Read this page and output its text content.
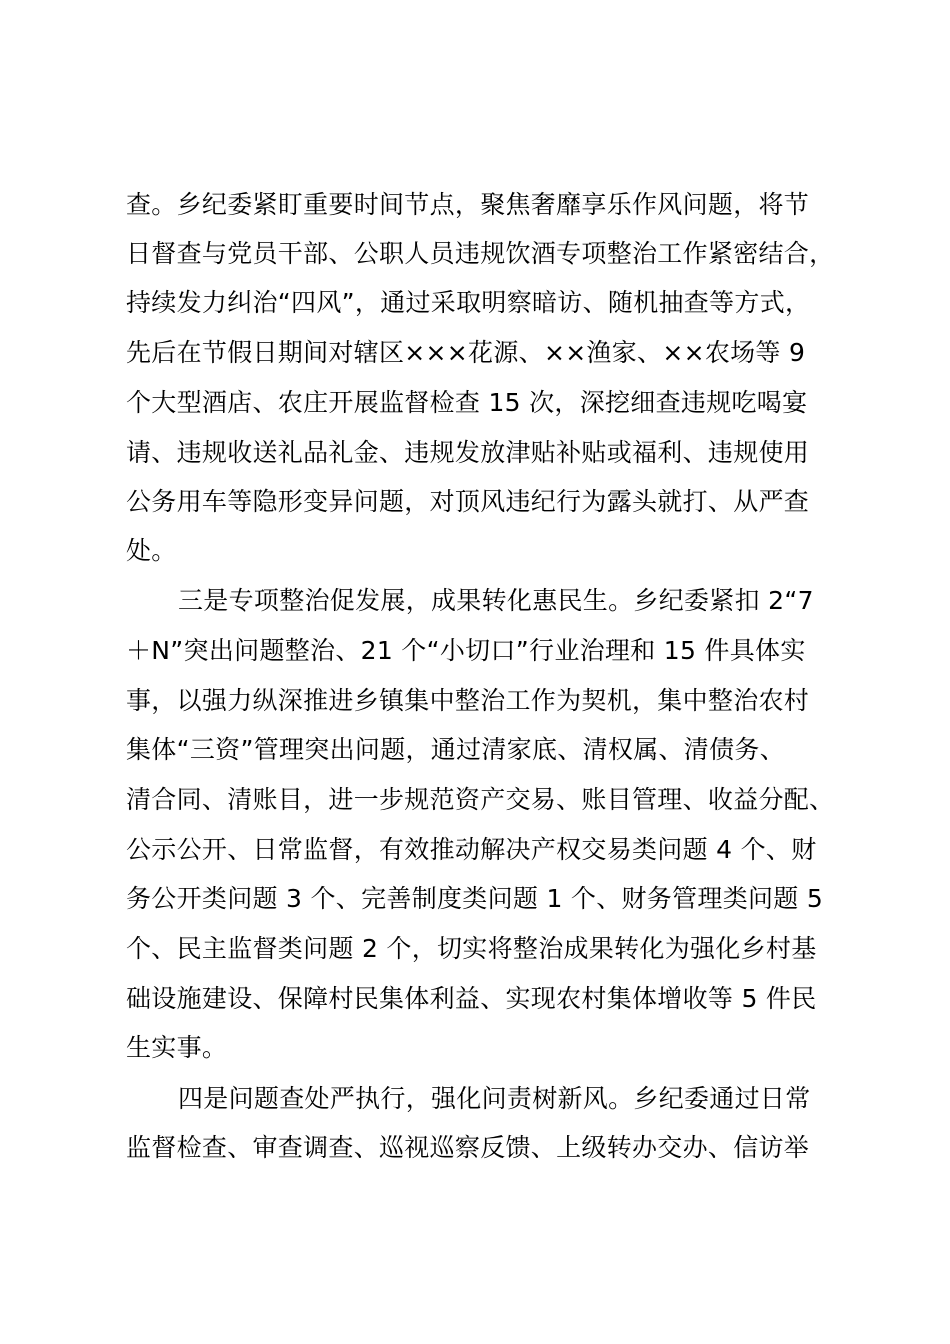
查。乡纪委紧盯重要时间节点，聚焦奢靡享乐作风问题，将节
日督查与党员干部、公职人员违规饮酒专项整治工作紧密结合，
持续发力纠治“四风”，通过采取明察暗访、随机抽查等方式，
先后在节假日期间对辖区×××花源、××渔家、××农场等 9
个大型酒店、农庄开展监督检查 15 次，深挖细查违规吃喝宴
请、违规收送礼品礼金、违规发放津贴补贴或福利、违规使用
公务用车等隐形变异问题，对顶风违纪行为露头就打、从严查
处。
三是专项整治促发展，成果转化惠民生。乡纪委紧扣 2“7
＋N”突出问题整治、21 个“小切口”行业治理和 15 件具体实
事，以强力纵深推进乡镇集中整治工作为契机，集中整治农村
集体“三资”管理突出问题，通过清家底、清权属、清债务、
清合同、清账目，进一步规范资产交易、账目管理、收益分配、
公示公开、日常监督，有效推动解决产权交易类问题 4 个、财
务公开类问题 3 个、完善制度类问题 1 个、财务管理类问题 5
个、民主监督类问题 2 个，切实将整治成果转化为强化乡村基
础设施建设、保障村民集体利益、实现农村集体增收等 5 件民
生实事。
四是问题查处严执行，强化问责树新风。乡纪委通过日常
监督检查、审查调查、巡视巡察反馈、上级转办交办、信访举
